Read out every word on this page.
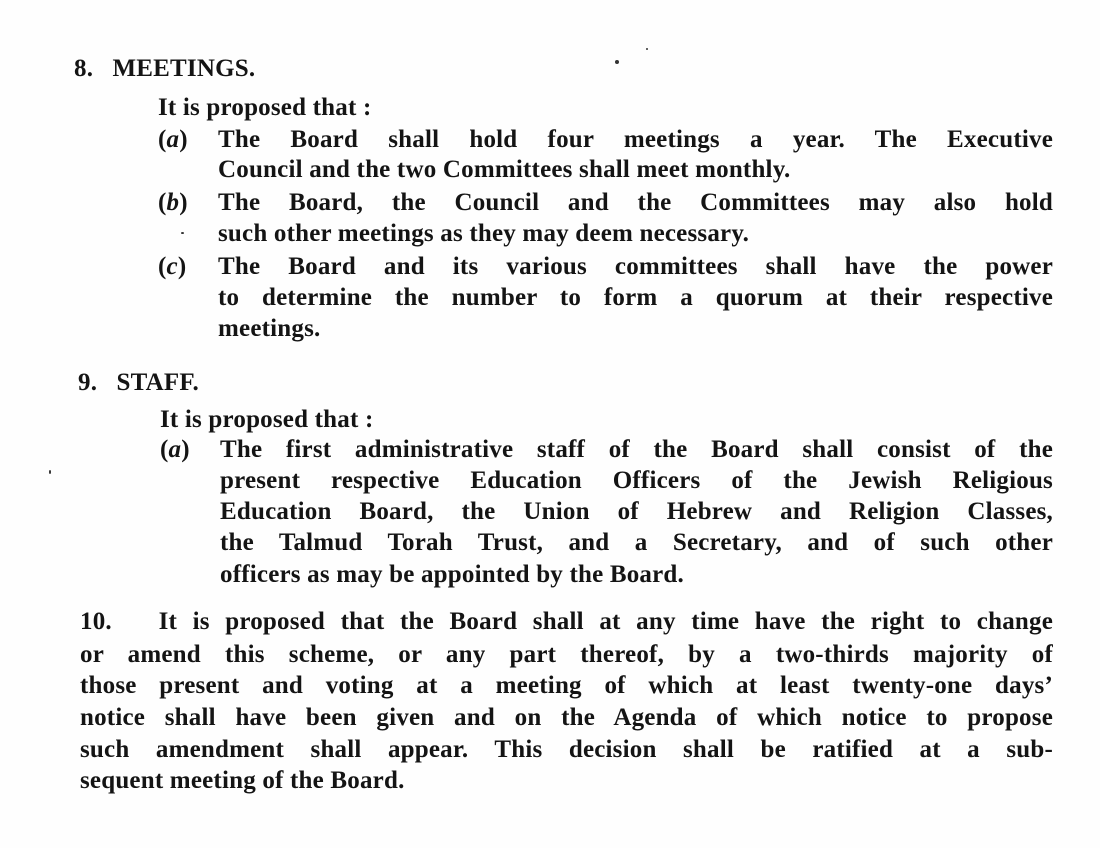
8. MEETINGS.
It is proposed that :
(a) The Board shall hold four meetings a year. The Executive
Council and the two Committees shall meet monthly.
(b) The Board, the Council and the Committees may also hold
such other meetings as they may deem necessary.
(c) The Board and its various committees shall have the power
to determine the number to form a quorum at their respective
meetings.
9. STAFF.
It is proposed that :
(a) The first administrative staff of the Board shall consist of the
present respective Education Officers of the Jewish Religious
Education Board, the Union of Hebrew and Religion Classes,
the Talmud Torah Trust, and a Secretary, and of such other
officers as may be appointed by the Board.
10. It is proposed that the Board shall at any time have the right to change
or amend this scheme, or any part thereof, by a two-thirds majority of
those present and voting at a meeting of which at least twenty-one days’
notice shall have been given and on the Agenda of which notice to propose
such amendment shall appear. This decision shall be ratified at a sub-
sequent meeting of the Board.
